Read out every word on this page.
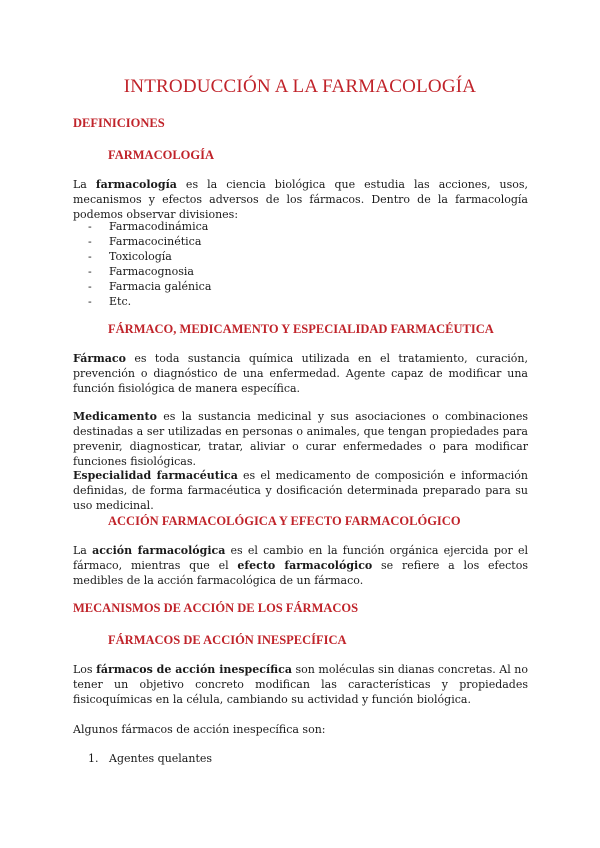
INTRODUCCIÓN A LA FARMACOLOGÍA
DEFINICIONES
FARMACOLOGÍA

La farmacología es la ciencia biológica que estudia las acciones, usos, mecanismos y efectos adversos de los fármacos. Dentro de la farmacología podemos observar divisiones:

- Farmacodinámica
- Farmacocinética
- Toxicología
- Farmacognosia
- Farmacia galénica
- Etc.
FÁRMACO, MEDICAMENTO Y ESPECIALIDAD FARMACÉUTICA

Fármaco es toda sustancia química utilizada en el tratamiento, curación, prevención o diagnóstico de una enfermedad. Agente capaz de modificar una función fisiológica de manera específica.

Medicamento es la sustancia medicinal y sus asociaciones o combinaciones destinadas a ser utilizadas en personas o animales, que tengan propiedades para prevenir, diagnosticar, tratar, aliviar o curar enfermedades o para modificar funciones fisiológicas.

Especialidad farmacéutica es el medicamento de composición e información definidas, de forma farmacéutica y dosificación determinada preparado para su uso medicinal.

ACCIÓN FARMACOLÓGICA Y EFECTO FARMACOLÓGICO

La acción farmacológica es el cambio en la función orgánica ejercida por el fármaco, mientras que el efecto farmacológico se refiere a los efectos medibles de la acción farmacológica de un fármaco.

MECANISMOS DE ACCIÓN DE LOS FÁRMACOS
FÁRMACOS DE ACCIÓN INESPECÍFICA

Los fármacos de acción inespecífica son moléculas sin dianas concretas. Al no tener un objetivo concreto modifican las características y propiedades fisicoquímicas en la célula, cambiando su actividad y función biológica.

Algunos fármacos de acción inespecífica son:

1. Agentes quelantes
